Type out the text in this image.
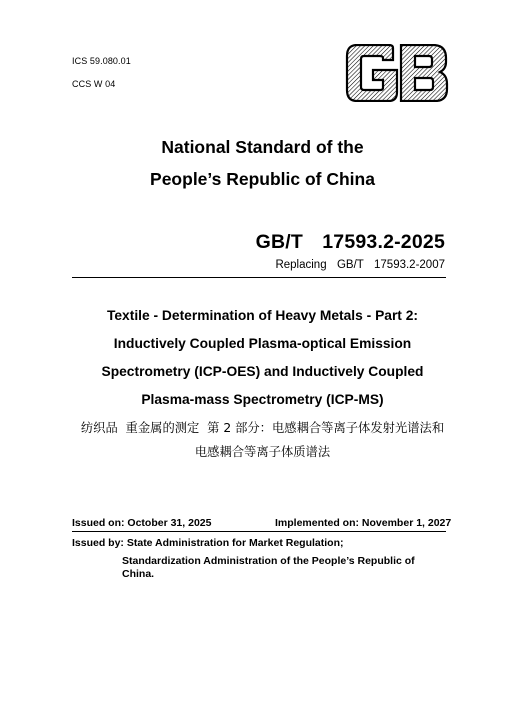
ICS 59.080.01
CCS W 04
National Standard of the
People’s Republic of China
GB/T  17593.2-2025
Replacing  GB/T  17593.2-2007
Textile - Determination of Heavy Metals - Part 2:
Inductively Coupled Plasma-optical Emission
Spectrometry (ICP-OES) and Inductively Coupled
Plasma-mass Spectrometry (ICP-MS)
纺织品  重金属的测定  第 2 部分：电感耦合等离子体发射光谱法和
电感耦合等离子体质谱法
Issued on: October 31, 2025	Implemented on: November 1, 2027
Issued by: State Administration for Market Regulation;
Standardization Administration of the People’s Republic of China.
